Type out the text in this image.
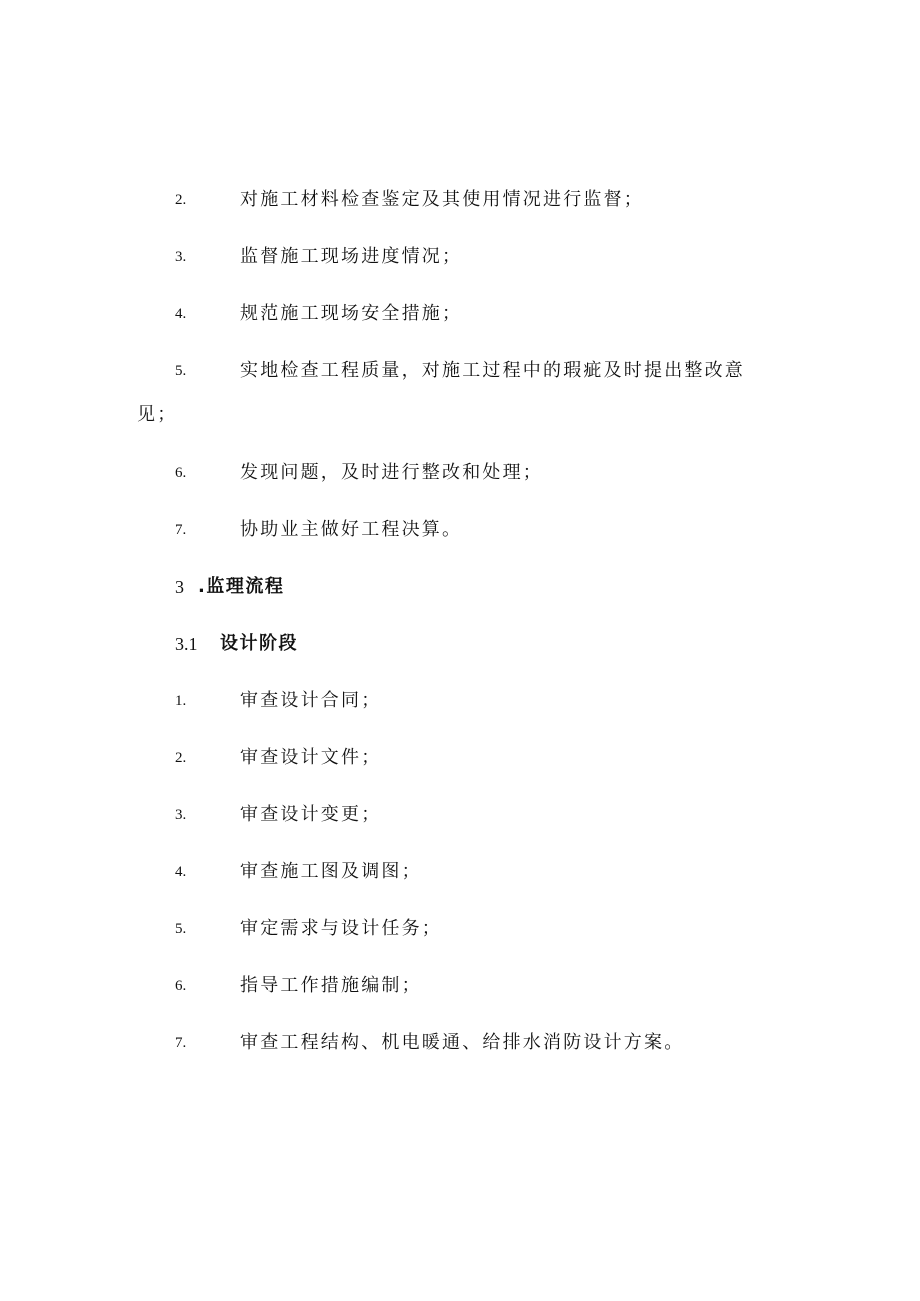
2.	对施工材料检查鉴定及其使用情况进行监督；
3.	监督施工现场进度情况；
4.	规范施工现场安全措施；
5.	实地检查工程质量，对施工过程中的瑕疵及时提出整改意
见；
6.	发现问题，及时进行整改和处理；
7.	协助业主做好工程决算。
3 .监理流程
3.1 设计阶段
1.	审查设计合同；
2.	审查设计文件；
3.	审查设计变更；
4.	审查施工图及调图；
5.	审定需求与设计任务；
6.	指导工作措施编制；
7.	审查工程结构、机电暖通、给排水消防设计方案。
